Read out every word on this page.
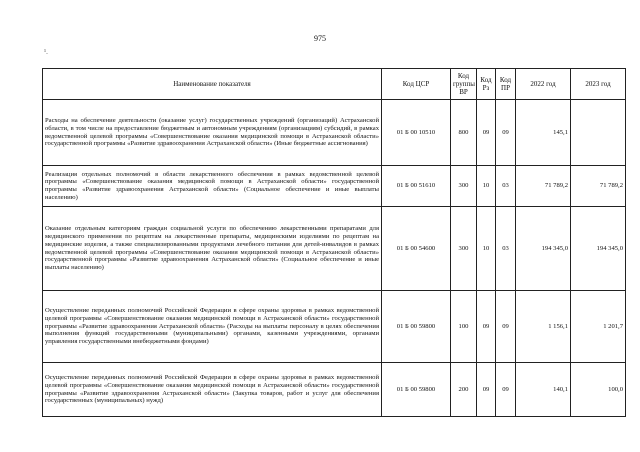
975
¹.
Наименование показателя	Код ЦСР	Код группы ВР	Код Рз	Код ПР	2022 год	2023 год
Расходы на обеспечение деятельности (оказание услуг) государственных учреждений (организаций) Астраханской области, в том числе на предоставление бюджетным и автономным учреждениям (организациям) субсидий, в рамках ведомственной целевой программы «Совершенствование оказания медицинской помощи в Астраханской области» государственной программы «Развитие здравоохранения Астраханской области» (Иные бюджетные ассигнования)	01 Б 00 10510	800	09	09	145,1	
Реализация отдельных полномочий в области лекарственного обеспечения в рамках ведомственной целевой программы «Совершенствование оказания медицинской помощи в Астраханской области» государственной программы «Развитие здравоохранения Астраханской области» (Социальное обеспечение и иные выплаты населению)	01 Б 00 51610	300	10	03	71 789,2	71 789,2
Оказание отдельным категориям граждан социальной услуги по обеспечению лекарственными препаратами для медицинского применения по рецептам на лекарственные препараты, медицинскими изделиями по рецептам на медицинские изделия, а также специализированными продуктами лечебного питания для детей-инвалидов в рамках ведомственной целевой программы «Совершенствование оказания медицинской помощи в Астраханской области» государственной программы «Развитие здравоохранения Астраханской области» (Социальное обеспечение и иные выплаты населению)	01 Б 00 54600	300	10	03	194 345,0	194 345,0
Осуществление переданных полномочий Российской Федерации в сфере охраны здоровья в рамках ведомственной целевой программы «Совершенствование оказания медицинской помощи в Астраханской области» государственной программы «Развитие здравоохранения Астраханской области» (Расходы на выплаты персоналу в целях обеспечения выполнения функций государственными (муниципальными) органами, казенными учреждениями, органами управления государственными внебюджетными фондами)	01 Б 00 59800	100	09	09	1 156,1	1 201,7
Осуществление переданных полномочий Российской Федерации в сфере охраны здоровья в рамках ведомственной целевой программы «Совершенствование оказания медицинской помощи в Астраханской области» государственной программы «Развитие здравоохранения Астраханской области» (Закупка товаров, работ и услуг для обеспечения государственных (муниципальных) нужд)	01 Б 00 59800	200	09	09	140,1	100,0
